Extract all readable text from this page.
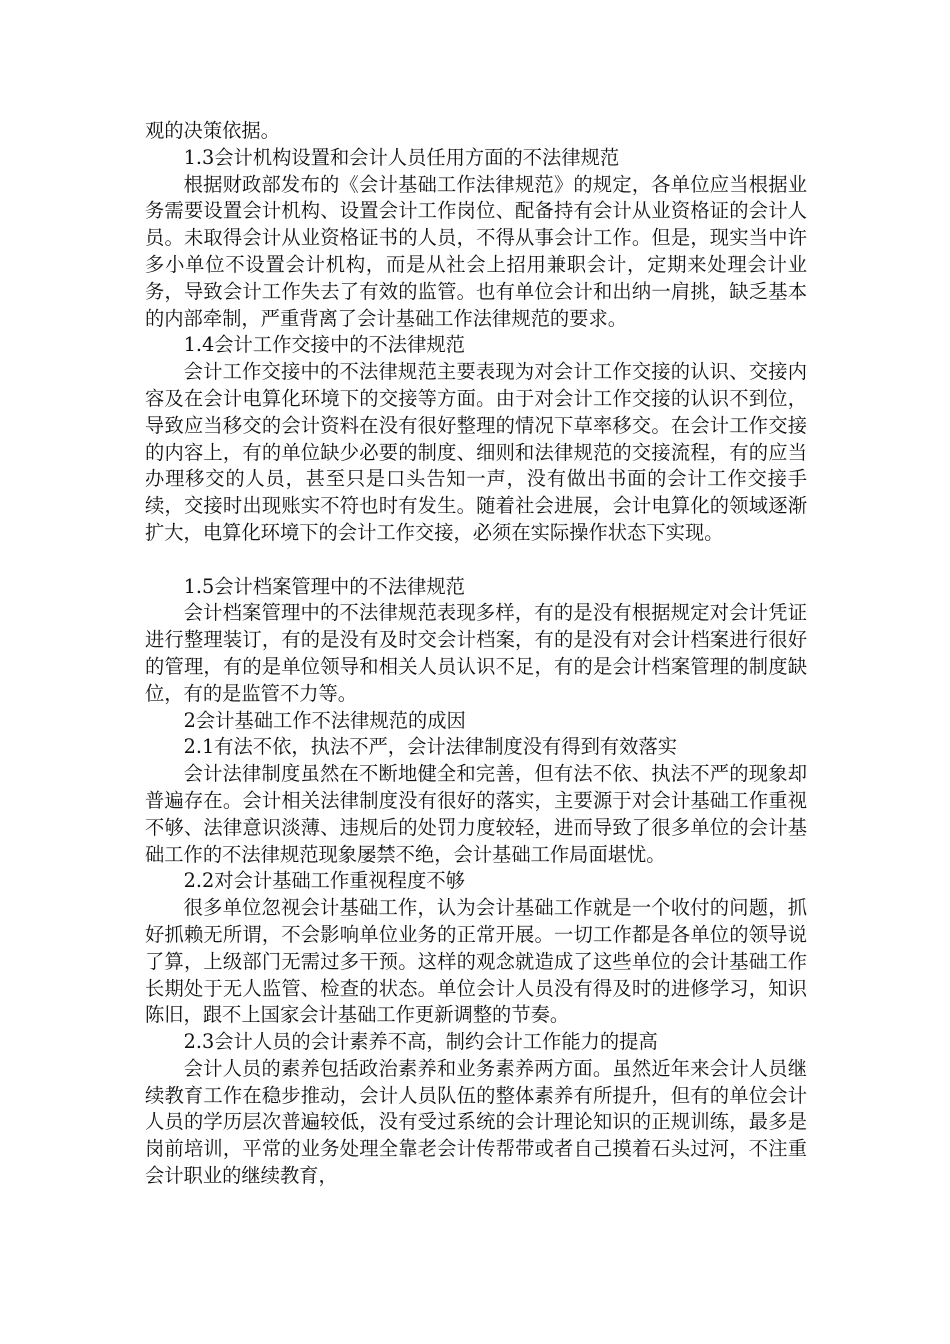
观的决策依据。

1.3会计机构设置和会计人员任用方面的不法律规范

根据财政部发布的《会计基础工作法律规范》的规定，各单位应当根据业务需要设置会计机构、设置会计工作岗位、配备持有会计从业资格证的会计人员。未取得会计从业资格证书的人员，不得从事会计工作。但是，现实当中许多小单位不设置会计机构，而是从社会上招用兼职会计，定期来处理会计业务，导致会计工作失去了有效的监管。也有单位会计和出纳一肩挑，缺乏基本的内部牵制，严重背离了会计基础工作法律规范的要求。

1.4会计工作交接中的不法律规范

会计工作交接中的不法律规范主要表现为对会计工作交接的认识、交接内容及在会计电算化环境下的交接等方面。由于对会计工作交接的认识不到位，导致应当移交的会计资料在没有很好整理的情况下草率移交。在会计工作交接的内容上，有的单位缺少必要的制度、细则和法律规范的交接流程，有的应当办理移交的人员，甚至只是口头告知一声，没有做出书面的会计工作交接手续，交接时出现账实不符也时有发生。随着社会进展，会计电算化的领域逐渐扩大，电算化环境下的会计工作交接，必须在实际操作状态下实现。

1.5会计档案管理中的不法律规范

会计档案管理中的不法律规范表现多样，有的是没有根据规定对会计凭证进行整理装订，有的是没有及时交会计档案，有的是没有对会计档案进行很好的管理，有的是单位领导和相关人员认识不足，有的是会计档案管理的制度缺位，有的是监管不力等。

2会计基础工作不法律规范的成因

2.1有法不依，执法不严，会计法律制度没有得到有效落实

会计法律制度虽然在不断地健全和完善，但有法不依、执法不严的现象却普遍存在。会计相关法律制度没有很好的落实，主要源于对会计基础工作重视不够、法律意识淡薄、违规后的处罚力度较轻，进而导致了很多单位的会计基础工作的不法律规范现象屡禁不绝，会计基础工作局面堪忧。

2.2对会计基础工作重视程度不够

很多单位忽视会计基础工作，认为会计基础工作就是一个收付的问题，抓好抓赖无所谓，不会影响单位业务的正常开展。一切工作都是各单位的领导说了算，上级部门无需过多干预。这样的观念就造成了这些单位的会计基础工作长期处于无人监管、检查的状态。单位会计人员没有得及时的进修学习，知识陈旧，跟不上国家会计基础工作更新调整的节奏。

2.3会计人员的会计素养不高，制约会计工作能力的提高

会计人员的素养包括政治素养和业务素养两方面。虽然近年来会计人员继续教育工作在稳步推动，会计人员队伍的整体素养有所提升，但有的单位会计人员的学历层次普遍较低，没有受过系统的会计理论知识的正规训练，最多是岗前培训，平常的业务处理全靠老会计传帮带或者自己摸着石头过河，不注重会计职业的继续教育，
